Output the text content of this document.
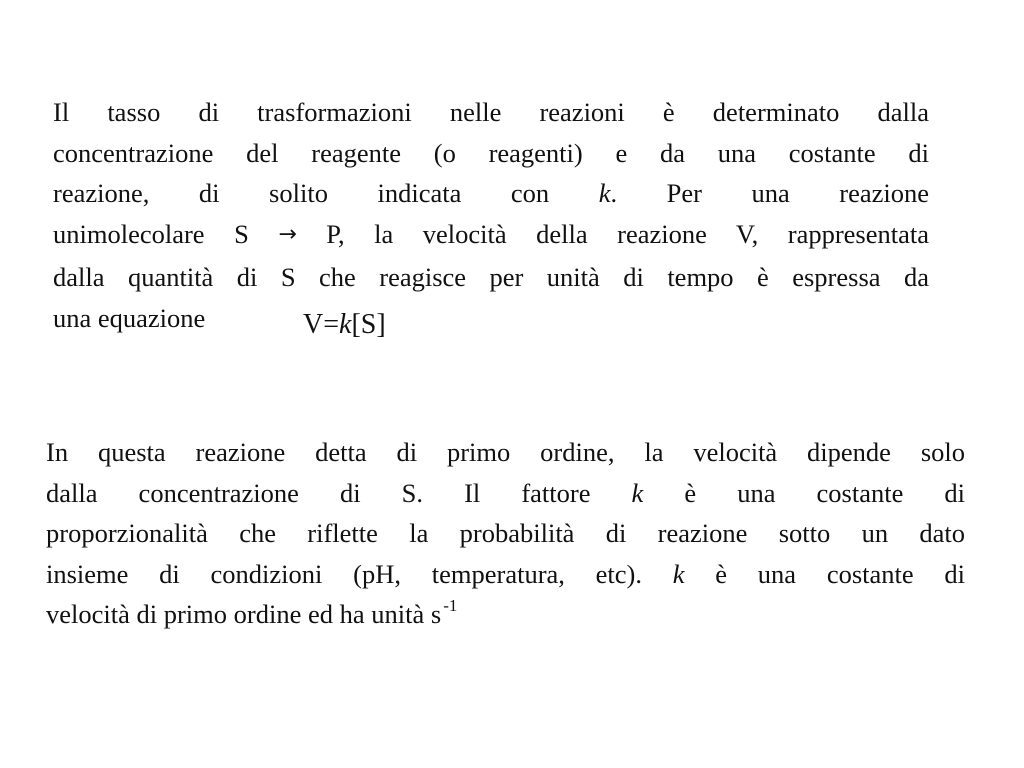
Il tasso di trasformazioni nelle reazioni è determinato dalla
concentrazione del reagente (o reagenti) e da una costante di
reazione, di solito indicata con k. Per una reazione
unimolecolare S → P, la velocità della reazione V, rappresentata
dalla quantità di S che reagisce per unità di tempo è espressa da
una equazione	V=k[S]
In questa reazione detta di primo ordine, la velocità dipende solo
dalla concentrazione di S. Il fattore k è una costante di
proporzionalità che riflette la probabilità di reazione sotto un dato
insieme di condizioni (pH, temperatura, etc). k è una costante di
velocità di primo ordine ed ha unità s $^{-1}$
